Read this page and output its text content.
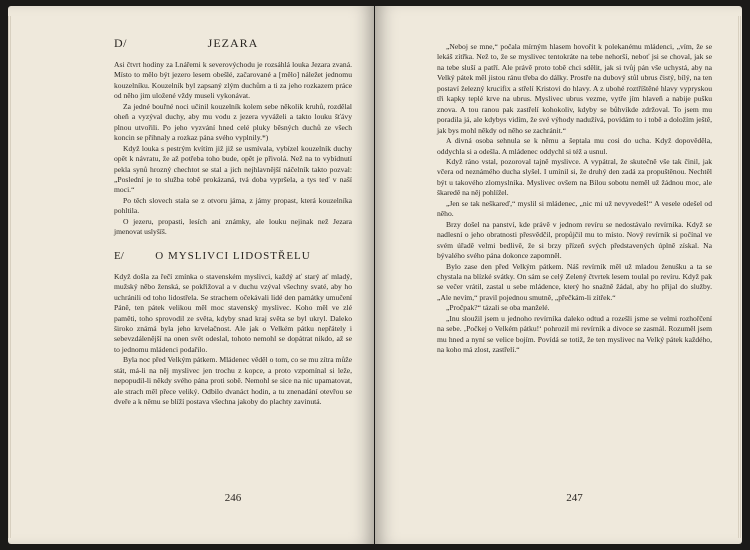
D/	JEZARA

Asi čtvrt hodiny za Lnářemi k severovýchodu je rozsáhlá louka Jezara zvaná. Místo to mělo být jezero lesem obešlé, začarované a [mělo] náležet jednomu kouzelníku. Kouzelník byl zapsaný zlým duchům a ti za jeho rozkazem práce od něho jim uložené vždy museli vykonávat.

Za jedné bouřné noci učinil kouzelník kolem sebe několik kruhů, rozdělal oheň a vyzýval duchy, aby mu vodu z jezera vyváželi a takto louku šťávy plnou utvořili. Po jeho vyzvání hned celé pluky běsných duchů ze všech koncin se přihnaly a rozkaz pána svého vyplnily.*)

Když louka s pestrým kvítím již již se usmívala, vybízel kouzelník duchy opět k návratu, že až potřeba toho bude, opět je přivolá. Než na to vybídnutí pekla synů hrozný chechtot se stal a jich nejhlavnější náčelník takto pozval: „Poslední je to služba tobě prokázaná, tvá doba vypršela, a tys teď v naší moci.“

Po těch slovech stala se z otvoru jáma, z jámy propast, která kouzelníka pohltila.

O jezeru, propasti, lesích ani známky, ale louku nejinak než Jezara jmenovat uslyšíš.

E/	O MYSLIVCI LIDOSTŘELU

Když došla za řečí zmínka o stavenském myslivci, každý ať starý ať mladý, mužský něbo ženská, se pokřižoval a v duchu vzýval všechny svaté, aby ho uchránili od toho lidostřela. Se strachem očekávali lidé den památky umučení Páně, ten pátek velikou měl moc stavenský myslivec. Koho měl ve zlé paměti, toho sprovodil ze světa, kdyby snad kraj světa se byl ukryl. Daleko široko známá byla jeho krvelačnost. Ale jak o Velkém pátku nepřátely i sebevzdálenější na onen svět odeslal, tohoto nemohl se dopátrat nikdo, až se to jednomu mládenci podařilo.

Byla noc před Velkým pátkem. Mládenec věděl o tom, co se mu zítra může stát, má-li na něj myslivec jen trochu z kopce, a proto vzpomínal si leže, nepopudil-li někdy svého pána proti sobě. Nemohl se sice na nic upamatovat, ale strach měl přece veliký. Odbilo dvanáct hodin, a tu znenadání otevřou se dveře a k němu se blíží postava všechna jakoby do plachty zavinutá.

246

„Neboj se mne,“ počala mírným hlasem hovořit k polekanému mládenci, „vím, že se lekáš zítřka. Než to, že se myslivec tentokráte na tebe nehorší, neboť jsi se choval, jak se na tebe sluší a patří. Ale právě proto tobě chci sdělit, jak si tvůj pán vše uchystá, aby na Velký pátek měl jistou ránu třeba do dálky. Prostře na dubový stůl ubrus čistý, bílý, na ten postaví železný krucifix a střelí Kristovi do hlavy. A z ubohé roztříštěné hlavy vypryskou tři kapky teplé krve na ubrus. Myslivec ubrus vezme, vytře jím hlaveň a nabije pušku znova. A tou ranou pak zastřelí kohokoliv, kdyby se bůhvíkde zdržoval. To jsem mu poradila já, ale kdybys vidím, že své výhody nadužívá, povídám to i tobě a doložím ještě, jak bys mohl někdy od něho se zachránit.“

A divná osoba sehnula se k němu a šeptala mu cosi do ucha. Když dopověděla, oddychla si a odešla. A mládenec oddychl si též a usnul.

Když ráno vstal, pozoroval tajně myslivce. A vypátral, že skutečně vše tak činil, jak včera od neznámého ducha slyšel. I umínil si, že druhý den zadá za propuštěnou. Nechtěl být u takového zlomyslníka. Myslivec ovšem na Bílou sobotu neměl už žádnou moc, ale škaredě na něj pohlížel.

„Jen se tak neškareď,“ myslil si mládenec, „nic mi už nevyvedeš!“ A vesele odešel od něho.

Brzy došel na panství, kde právě v jednom revíru se nedostávalo revírníka. Když se nadlesní o jeho obratnosti přesvědčil, propůjčil mu to místo. Nový revírník si počínal ve svém úřadě velmi bedlivě, že si brzy přízeň svých představených úplně získal. Na bývalého svého pána dokonce zapomněl.

Bylo zase den před Velkým pátkem. Náš revírník měl už mladou ženušku a ta se chystala na blízké svátky. On sám se celý Zelený čtvrtek lesem toulal po revíru. Když pak se večer vrátil, zastal u sebe mládence, který ho snažně žádal, aby ho přijal do služby. „Ale nevím,“ pravil pojednou smutně, „přečkám-li zítřek.“

„Pročpak?“ tázali se oba manželé.

„Inu sloužil jsem u jednoho revírníka daleko odtud a rozešli jsme se velmi rozhořčení na sebe. ‚Počkej o Velkém pátku!‘ pohrozil mi revírník a divoce se zasmál. Rozuměl jsem mu hned a nyní se velice bojím. Povídá se totiž, že ten myslivec na Velký pátek každého, na koho má zlost, zastřelí.“

247
